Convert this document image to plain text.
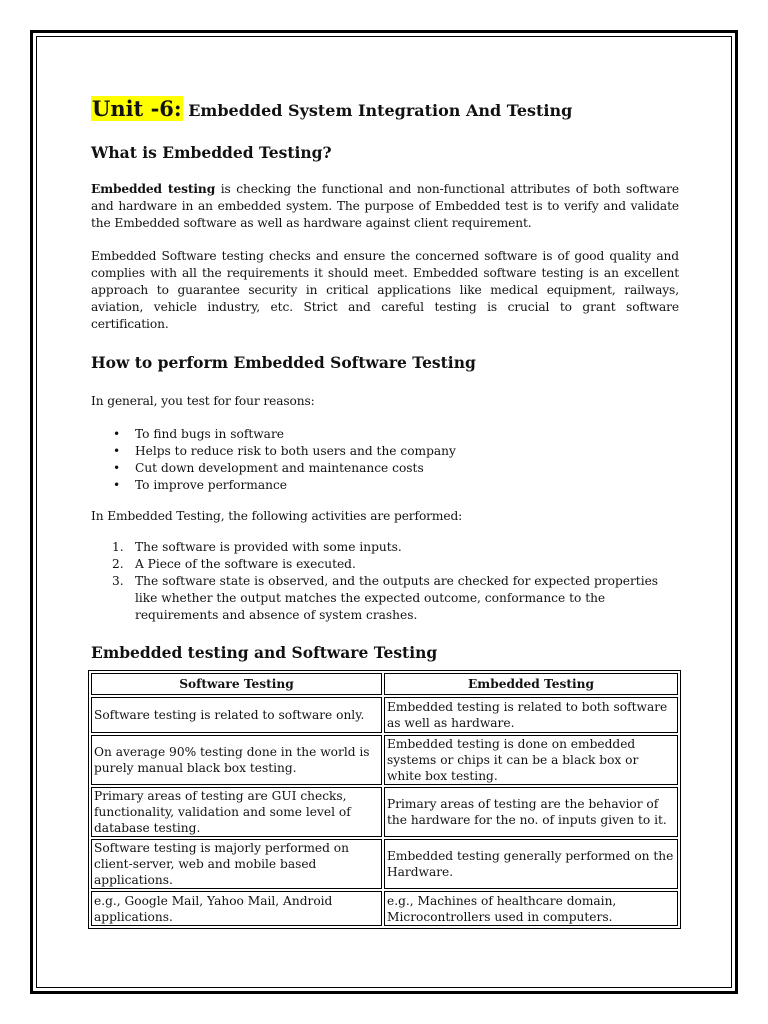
Unit -6: Embedded System Integration And Testing
What is Embedded Testing?

Embedded testing is checking the functional and non-functional attributes of both software and hardware in an embedded system. The purpose of Embedded test is to verify and validate the Embedded software as well as hardware against client requirement.

Embedded Software testing checks and ensure the concerned software is of good quality and complies with all the requirements it should meet. Embedded software testing is an excellent approach to guarantee security in critical applications like medical equipment, railways, aviation, vehicle industry, etc. Strict and careful testing is crucial to grant software certification.

How to perform Embedded Software Testing

In general, you test for four reasons:

• To find bugs in software
• Helps to reduce risk to both users and the company
• Cut down development and maintenance costs
• To improve performance

In Embedded Testing, the following activities are performed:

1. The software is provided with some inputs.
2. A Piece of the software is executed.
3. The software state is observed, and the outputs are checked for expected properties like whether the output matches the expected outcome, conformance to the requirements and absence of system crashes.
Embedded testing and Software Testing
Software Testing	Embedded Testing
Software testing is related to software only.	Embedded testing is related to both software as well as hardware.
On average 90% testing done in the world is purely manual black box testing.	Embedded testing is done on embedded systems or chips it can be a black box or white box testing.
Primary areas of testing are GUI checks, functionality, validation and some level of database testing.	Primary areas of testing are the behavior of the hardware for the no. of inputs given to it.
Software testing is majorly performed on client-server, web and mobile based applications.	Embedded testing generally performed on the Hardware.
e.g., Google Mail, Yahoo Mail, Android applications.	e.g., Machines of healthcare domain, Microcontrollers used in computers.
